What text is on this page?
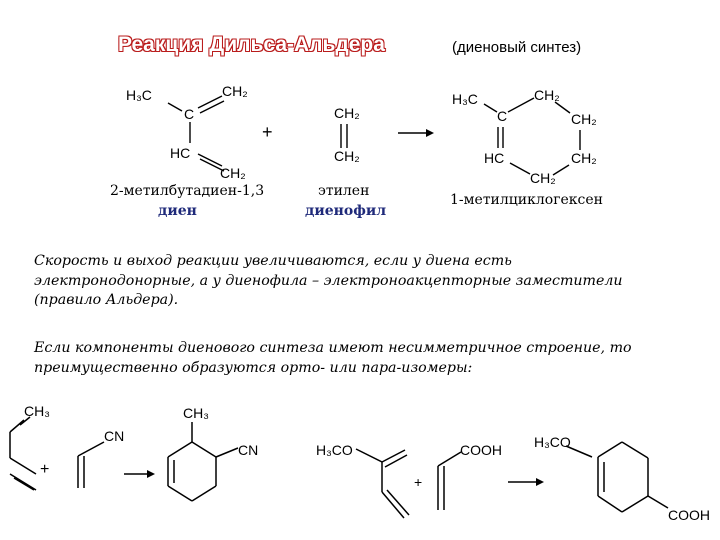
Реакция Дильса-Альдера	(диеновый синтез)
H₃C
C
CH₂
HC
CH₂
+
CH₂
CH₂
H₃C
C
CH₂
CH₂
CH₂
HC
CH₂
CH₃
+
CN
CH₃
CN	H₃CO
+
COOH H₃CO
COOH
2-метилбутадиен-1,3
диен
этилен
диенофил
1-метилциклогексен
Скорость и выход реакции увеличиваются, если у диена есть электронодонорные, а у диенофила – электроноакцепторные заместители (правило Альдера).
Если компоненты диенового синтеза имеют несимметричное строение, то преимущественно образуются орто- или пара-изомеры:
